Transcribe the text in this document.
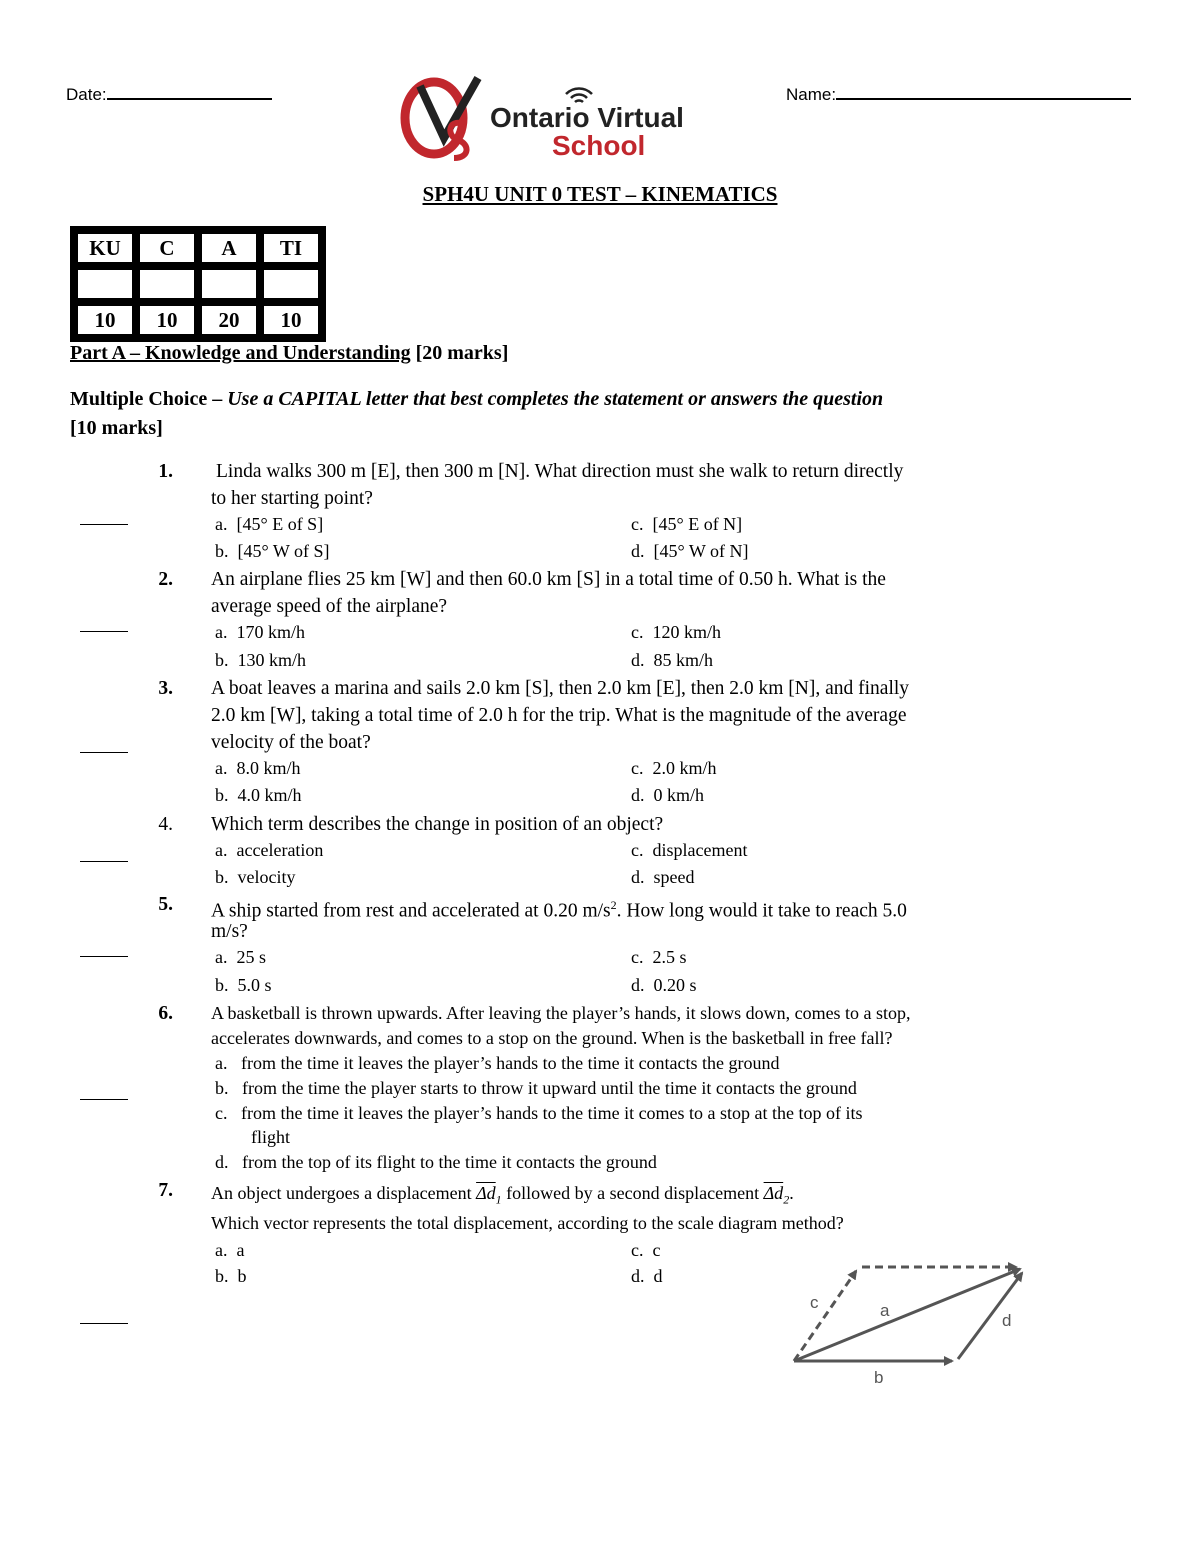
Date:	Name:
Ontario Virtual
School
SPH4U UNIT 0 TEST – KINEMATICS
KU	C	A	TI

10	10	20	10
Part A – Knowledge and Understanding [20 marks]
Multiple Choice – Use a CAPITAL letter that best completes the statement or answers the question
[10 marks]
1. Linda walks 300 m [E], then 300 m [N]. What direction must she walk to return directly
to her starting point?
a. [45° E of S]
b. [45° W of S]
c. [45° E of N]
d. [45° W of N]
2. An airplane flies 25 km [W] and then 60.0 km [S] in a total time of 0.50 h. What is the
average speed of the airplane?
a. 170 km/h
b. 130 km/h
c. 120 km/h
d. 85 km/h
3. A boat leaves a marina and sails 2.0 km [S], then 2.0 km [E], then 2.0 km [N], and finally
2.0 km [W], taking a total time of 2.0 h for the trip. What is the magnitude of the average
velocity of the boat?
a. 8.0 km/h
b. 4.0 km/h
c. 2.0 km/h
d. 0 km/h
4. Which term describes the change in position of an object?
a. acceleration
b. velocity
c. displacement
d. speed
5. A ship started from rest and accelerated at 0.20 $m/s^2$. How long would it take to reach 5.0
m/s?
a. 25 s
b. 5.0 s
c. 2.5 s
d. 0.20 s
6. A basketball is thrown upwards. After leaving the player’s hands, it slows down, comes to a stop,
accelerates downwards, and comes to a stop on the ground. When is the basketball in free fall?
a. from the time it leaves the player’s hands to the time it contacts the ground
b. from the time the player starts to throw it upward until the time it contacts the ground
c. from the time it leaves the player’s hands to the time it comes to a stop at the top of its
flight
d. from the top of its flight to the time it contacts the ground
7. An object undergoes a displacement $\overline{\Delta d}_1$ followed by a second displacement $\overline{\Delta d}_2$.
Which vector represents the total displacement, according to the scale diagram method?
a. a
b. b
c. c
d. d
c	a
d
b
